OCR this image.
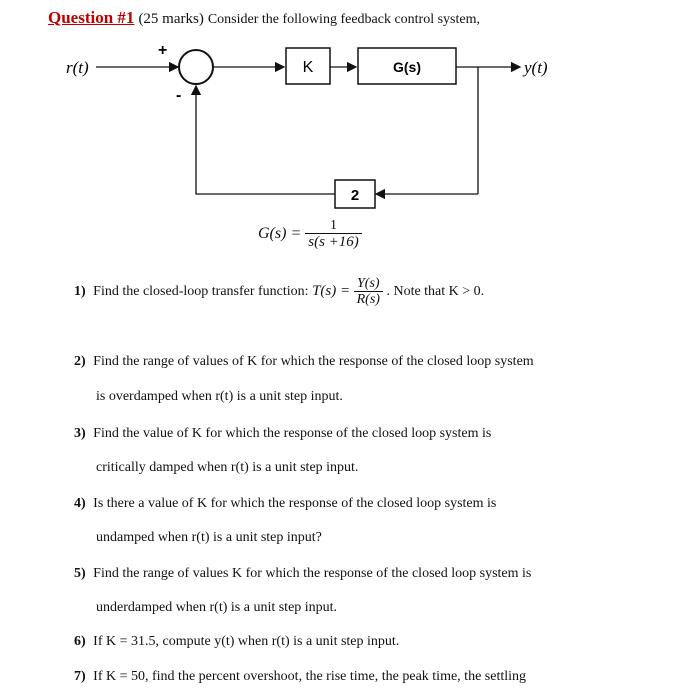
Question #1 (25 marks) Consider the following feedback control system,
r(t)	y(t)
+
-
K	G(s)
2
$G(s) = \frac{1}{s(s +16)}$
1) Find the closed-loop transfer function: $T(s) = \frac{Y(s)}{R(s)}$ . Note that K > 0.
2) Find the range of values of K for which the response of the closed loop system
is overdamped when r(t) is a unit step input.
3) Find the value of K for which the response of the closed loop system is
critically damped when r(t) is a unit step input.
4) Is there a value of K for which the response of the closed loop system is
undamped when r(t) is a unit step input?
5) Find the range of values K for which the response of the closed loop system is
underdamped when r(t) is a unit step input.
6) If K = 31.5, compute y(t) when r(t) is a unit step input.
7) If K = 50, find the percent overshoot, the rise time, the peak time, the settling
